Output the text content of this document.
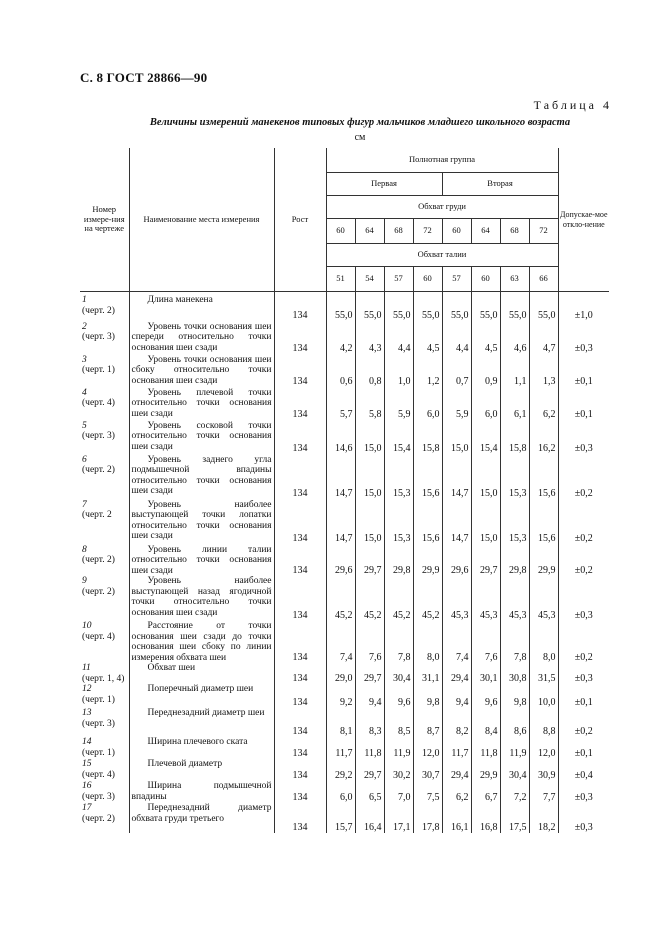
С. 8 ГОСТ 28866—90
Таблица 4
Величины измерений манекенов типовых фигур мальчиков младшего школьного возраста
см
Номер измере-ния на чертеже	Наименование места измерения	Рост	Полнотная группа								Допускае-мое откло-нение
			Первая				Вторая				
			Обхват груди								
			60	64	68	72	60	64	68	72	
			Обхват талии								
			51	54	57	60	57	60	63	66	

1
(черт. 2)	Длина манекена	134	55,0	55,0	55,0	55,0	55,0	55,0	55,0	55,0	±1,0

2
(черт. 3)	Уровень точки основания шеи спереди относительно точки основания шеи сзади	134	4,2	4,3	4,4	4,5	4,4	4,5	4,6	4,7	±0,3

3
(черт. 1)	Уровень точки основания шеи сбоку относительно точки основания шеи сзади	134	0,6	0,8	1,0	1,2	0,7	0,9	1,1	1,3	±0,1

4
(черт. 4)	Уровень плечевой точки относительно точки основания шеи сзади	134	5,7	5,8	5,9	6,0	5,9	6,0	6,1	6,2	±0,1

5
(черт. 3)	Уровень сосковой точки относительно точки основания шеи сзади	134	14,6	15,0	15,4	15,8	15,0	15,4	15,8	16,2	±0,3

6
(черт. 2)	Уровень заднего угла подмышечной впадины относительно точки основания шеи сзади	134	14,7	15,0	15,3	15,6	14,7	15,0	15,3	15,6	±0,2

7
(черт. 2	Уровень наиболее выступающей точки лопатки относительно точки основания шеи сзади	134	14,7	15,0	15,3	15,6	14,7	15,0	15,3	15,6	±0,2

8
(черт. 2)	Уровень линии талии относительно точки основания шеи сзади	134	29,6	29,7	29,8	29,9	29,6	29,7	29,8	29,9	±0,2

9
(черт. 2)	Уровень наиболее выступающей назад ягодичной точки относительно точки основания шеи сзади	134	45,2	45,2	45,2	45,2	45,3	45,3	45,3	45,3	±0,3

10
(черт. 4)	Расстояние от точки основания шеи сзади до точки основания шеи сбоку по линии измерения обхвата шеи	134	7,4	7,6	7,8	8,0	7,4	7,6	7,8	8,0	±0,2

11
(черт. 1, 4)	Обхват шеи	134	29,0	29,7	30,4	31,1	29,4	30,1	30,8	31,5	±0,3

12
(черт. 1)	Поперечный диаметр шеи	134	9,2	9,4	9,6	9,8	9,4	9,6	9,8	10,0	±0,1

13
(черт. 3)	Переднезадний диаметр шеи	134	8,1	8,3	8,5	8,7	8,2	8,4	8,6	8,8	±0,2

14
(черт. 1)	Ширина плечевого ската	134	11,7	11,8	11,9	12,0	11,7	11,8	11,9	12,0	±0,1

15
(черт. 4)	Плечевой диаметр	134	29,2	29,7	30,2	30,7	29,4	29,9	30,4	30,9	±0,4

16
(черт. 3)	Ширина подмышечной впадины	134	6,0	6,5	7,0	7,5	6,2	6,7	7,2	7,7	±0,3

17
(черт. 2)	Переднезадний диаметр обхвата груди третьего	134	15,7	16,4	17,1	17,8	16,1	16,8	17,5	18,2	±0,3
